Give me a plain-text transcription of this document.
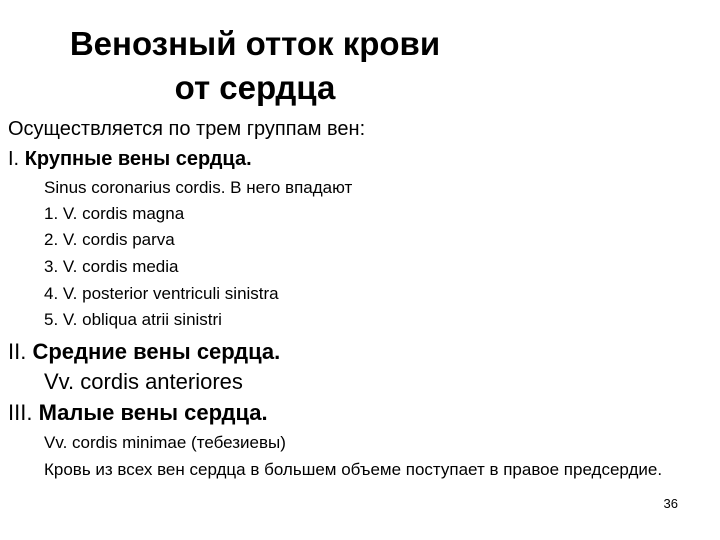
Венозный отток крови
от сердца
Осуществляется по трем группам вен:
I. Крупные вены сердца.
Sinus coronarius cordis. В него впадают
1. V. cordis magna
2. V. cordis parva
3. V. cordis media
4. V. posterior ventriculi sinistra
5. V. obliqua atrii sinistri
II. Средние вены сердца.
Vv. cordis anteriores
III. Малые вены сердца.
Vv. cordis minimae (тебезиевы)
Кровь из всех вен сердца в большем объеме поступает в правое предсердие.
36
